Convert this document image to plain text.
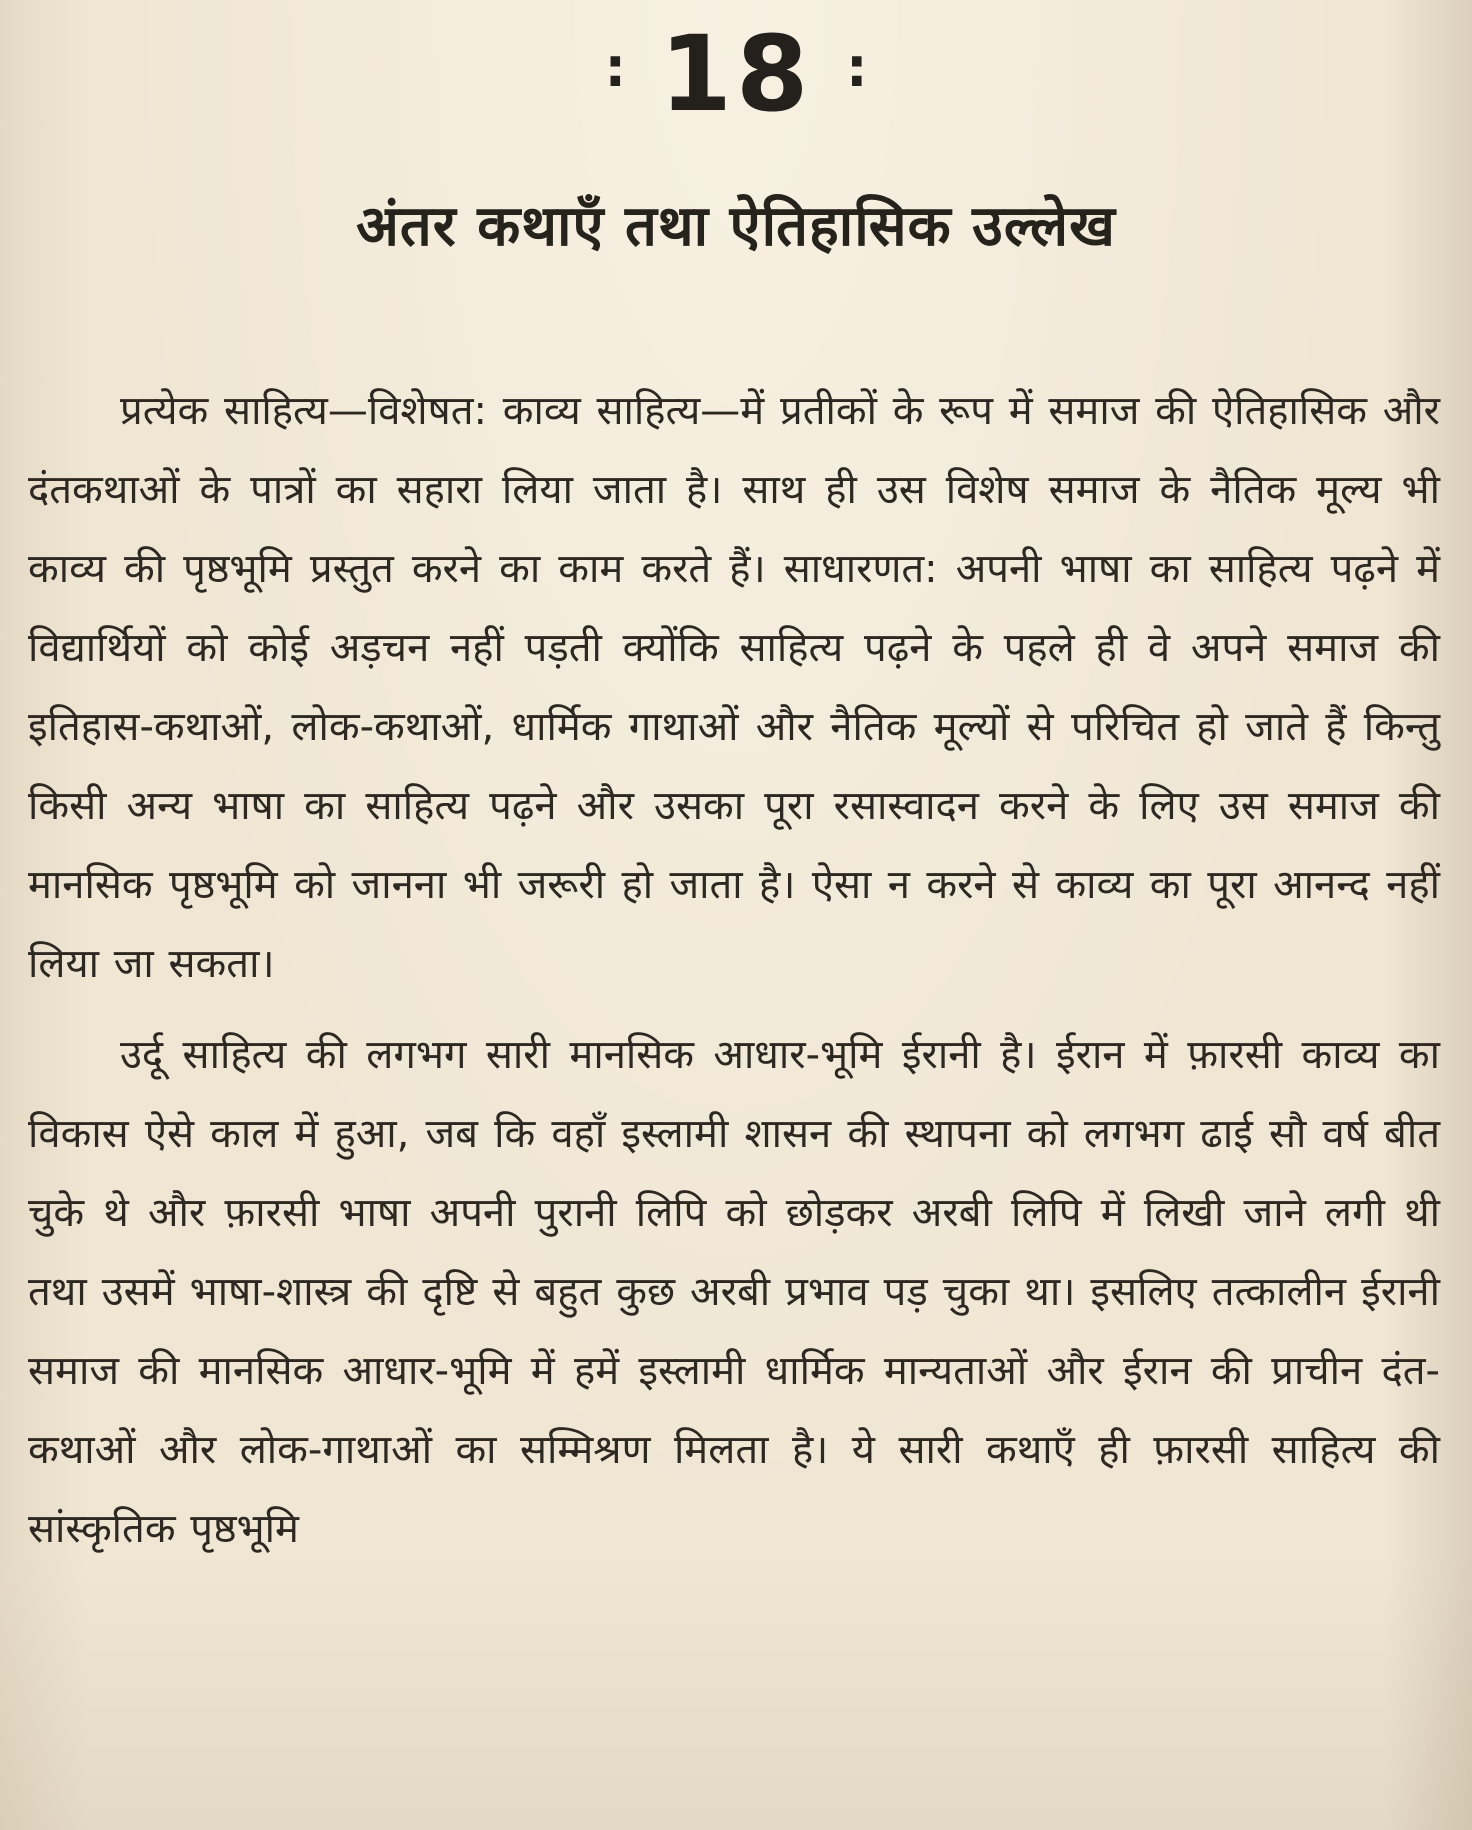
: 18 :
अंतर कथाएँ तथा ऐतिहासिक उल्लेख

प्रत्येक साहित्य—विशेषत: काव्य साहित्य—में प्रतीकों के रूप में समाज की ऐतिहासिक और दंतकथाओं के पात्रों का सहारा लिया जाता है। साथ ही उस विशेष समाज के नैतिक मूल्य भी काव्य की पृष्ठभूमि प्रस्तुत करने का काम करते हैं। साधारणत: अपनी भाषा का साहित्य पढ़ने में विद्यार्थियों को कोई अड़चन नहीं पड़ती क्योंकि साहित्य पढ़ने के पहले ही वे अपने समाज की इतिहास-कथाओं, लोक-कथाओं, धार्मिक गाथाओं और नैतिक मूल्यों से परिचित हो जाते हैं किन्तु किसी अन्य भाषा का साहित्य पढ़ने और उसका पूरा रसास्वादन करने के लिए उस समाज की मानसिक पृष्ठभूमि को जानना भी जरूरी हो जाता है। ऐसा न करने से काव्य का पूरा आनन्द नहीं लिया जा सकता।

उर्दू साहित्य की लगभग सारी मानसिक आधार-भूमि ईरानी है। ईरान में फ़ारसी काव्य का विकास ऐसे काल में हुआ, जब कि वहाँ इस्लामी शासन की स्थापना को लगभग ढाई सौ वर्ष बीत चुके थे और फ़ारसी भाषा अपनी पुरानी लिपि को छोड़कर अरबी लिपि में लिखी जाने लगी थी तथा उसमें भाषा-शास्त्र की दृष्टि से बहुत कुछ अरबी प्रभाव पड़ चुका था। इसलिए तत्कालीन ईरानी समाज की मानसिक आधार-भूमि में हमें इस्लामी धार्मिक मान्यताओं और ईरान की प्राचीन दंत-कथाओं और लोक-गाथाओं का सम्मिश्रण मिलता है। ये सारी कथाएँ ही फ़ारसी साहित्य की सांस्कृतिक पृष्ठभूमि
